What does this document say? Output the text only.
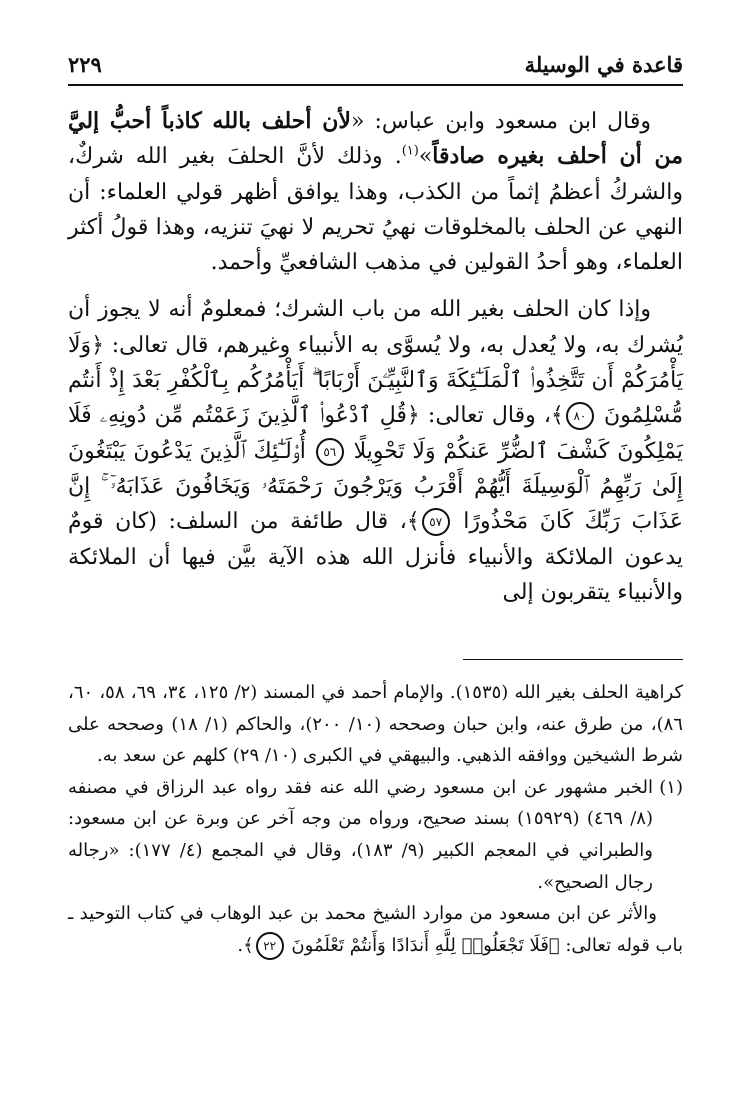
قاعدة في الوسيلة
٢٢٩

وقال ابن مسعود وابن عباس: «لأن أحلف بالله كاذباً أحبُّ إليَّ من أن أحلف بغيره صادقاً»$^{(١)}$. وذلك لأنَّ الحلفَ بغير الله شركٌ، والشركُ أعظمُ إثماً من الكذب، وهذا يوافق أظهر قولي العلماء: أن النهي عن الحلف بالمخلوقات نهيُ تحريم لا نهيَ تنزيه، وهذا قولُ أكثر العلماء، وهو أحدُ القولين في مذهب الشافعيِّ وأحمد.

وإذا كان الحلف بغير الله من باب الشرك؛ فمعلومٌ أنه لا يجوز أن يُشرك به، ولا يُعدل به، ولا يُسوَّى به الأنبياء وغيرهم، قال تعالى: ﴿وَلَا يَأْمُرَكُمْ أَن تَتَّخِذُوا۟ ٱلْمَلَـٰٓئِكَةَ وَٱلنَّبِيِّـۧنَ أَرْبَابًا ۗ أَيَأْمُرُكُم بِٱلْكُفْرِ بَعْدَ إِذْ أَنتُم مُّسْلِمُونَ ٨٠﴾، وقال تعالى: ﴿قُلِ ٱدْعُوا۟ ٱلَّذِينَ زَعَمْتُم مِّن دُونِهِۦ فَلَا يَمْلِكُونَ كَشْفَ ٱلضُّرِّ عَنكُمْ وَلَا تَحْوِيلًا ٥٦ أُو۟لَـٰٓئِكَ ٱلَّذِينَ يَدْعُونَ يَبْتَغُونَ إِلَىٰ رَبِّهِمُ ٱلْوَسِيلَةَ أَيُّهُمْ أَقْرَبُ وَيَرْجُونَ رَحْمَتَهُۥ وَيَخَافُونَ عَذَابَهُۥٓ ۚ إِنَّ عَذَابَ رَبِّكَ كَانَ مَحْذُورًا ٥٧﴾، قال طائفة من السلف: (كان قومٌ يدعون الملائكة والأنبياء فأنزل الله هذه الآية بيَّن فيها أن الملائكة والأنبياء يتقربون إلى

كراهية الحلف بغير الله (١٥٣٥). والإمام أحمد في المسند (٢/ ١٢٥، ٣٤، ٦٩، ٥٨، ٦٠، ٨٦)، من طرق عنه، وابن حبان وصححه (١٠/ ٢٠٠)، والحاكم (١/ ١٨) وصححه على شرط الشيخين ووافقه الذهبي. والبيهقي في الكبرى (١٠/ ٢٩) كلهم عن سعد به.

(١)
الخبر مشهور عن ابن مسعود رضي الله عنه فقد رواه عبد الرزاق في مصنفه (٨/ ٤٦٩) (١٥٩٢٩) بسند صحيح، ورواه من وجه آخر عن وبرة عن ابن مسعود: والطبراني في المعجم الكبير (٩/ ١٨٣)، وقال في المجمع (٤/ ١٧٧): «رجاله رجال الصحيح».

والأثر عن ابن مسعود من موارد الشيخ محمد بن عبد الوهاب في كتاب التوحيد ـ باب قوله تعالى: ﴿فَلَا تَجْعَلُوا۟ لِلَّهِ أَندَادًا وَأَنتُمْ تَعْلَمُونَ ٢٢﴾.
